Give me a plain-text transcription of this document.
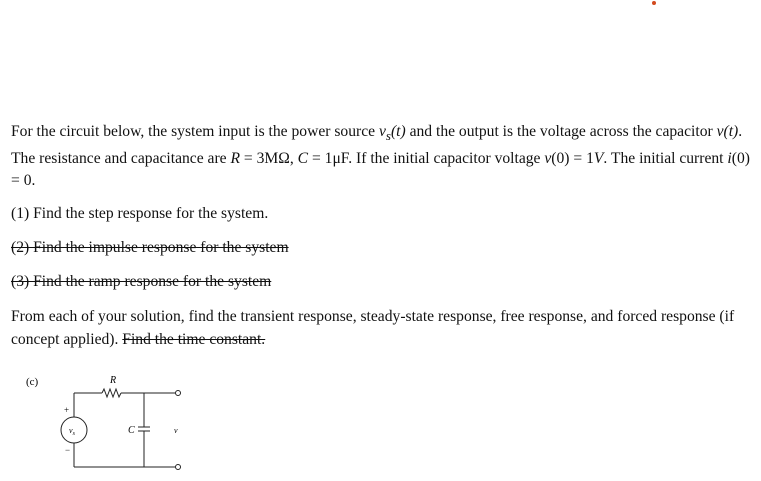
For the circuit below, the system input is the power source $v_s(t)$ and the output is the voltage across the capacitor v(t). The resistance and capacitance are R = 3MΩ, C = 1μF. If the initial capacitor voltage v(0) = 1V. The initial current i(0) = 0.

(1) Find the step response for the system.

(2) Find the impulse response for the system

(3) Find the ramp response for the system

From each of your solution, find the transient response, steady-state response, free response, and forced response (if concept applied). Find the time constant.

(c)	R
+
−
$v_s$	C	v
